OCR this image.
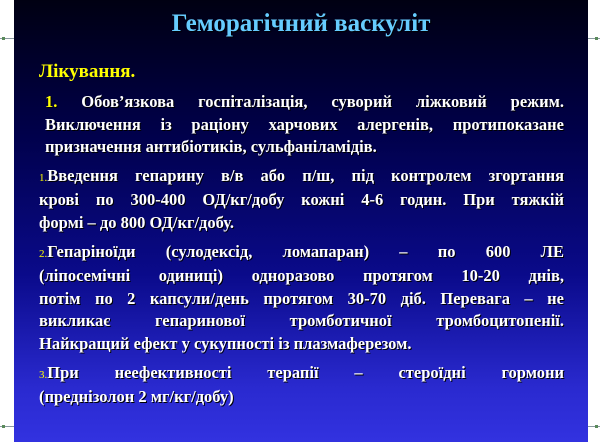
Геморагічний васкуліт
Лікування.
1. Обов’язкова госпіталізація, суворий ліжковий режим.
Виключення із раціону харчових алергенів, протипоказане
призначення антибіотиків, сульфаніламідів.
1.Введення гепарину в/в або п/ш, під контролем згортання
крові по 300-400 ОД/кг/добу кожні 4-6 годин. При тяжкій
формі – до 800 ОД/кг/добу.
2.Гепаріноїди (сулодексід, ломапаран) – по 600 ЛЕ
(ліпосемічні одиниці) одноразово протягом 10-20 днів,
потім по 2 капсули/день протягом 30-70 діб. Перевага – не
викликає гепаринової тромботичної тромбоцитопенії.
Найкращий ефект у сукупності із плазмаферезом.
3.При неефективності терапії – стероїдні гормони
(преднізолон 2 мг/кг/добу)
